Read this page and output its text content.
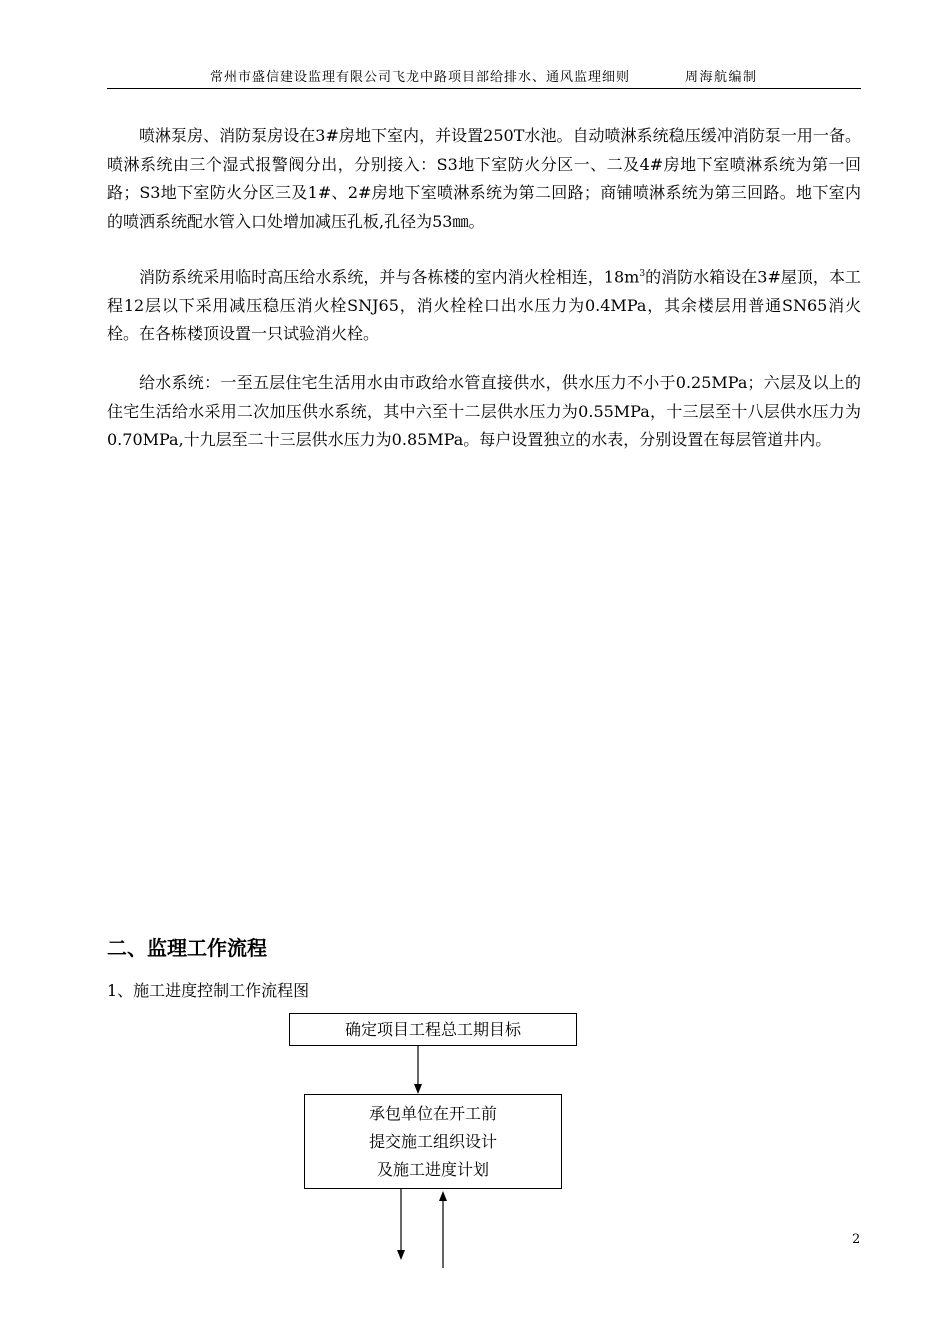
常州市盛信建设监理有限公司飞龙中路项目部给排水、通风监理细则	周海航编制

喷淋泵房、消防泵房设在3#房地下室内，并设置250T水池。自动喷淋系统稳压缓冲消防泵一用一备。喷淋系统由三个湿式报警阀分出，分别接入：S3地下室防火分区一、二及4#房地下室喷淋系统为第一回路；S3地下室防火分区三及1#、2#房地下室喷淋系统为第二回路；商铺喷淋系统为第三回路。地下室内的喷洒系统配水管入口处增加减压孔板,孔径为53㎜。

消防系统采用临时高压给水系统，并与各栋楼的室内消火栓相连，$18m^3$的消防水箱设在3#屋顶，本工程12层以下采用减压稳压消火栓SNJ65，消火栓栓口出水压力为0.4MPa，其余楼层用普通SN65消火栓。在各栋楼顶设置一只试验消火栓。

给水系统：一至五层住宅生活用水由市政给水管直接供水，供水压力不小于0.25MPa；六层及以上的住宅生活给水采用二次加压供水系统，其中六至十二层供水压力为0.55MPa，十三层至十八层供水压力为0.70MPa,十九层至二十三层供水压力为0.85MPa。每户设置独立的水表，分别设置在每层管道井内。

二、监理工作流程

1、施工进度控制工作流程图

确定项目工程总工期目标
承包单位在开工前
提交施工组织设计
及施工进度计划
2
